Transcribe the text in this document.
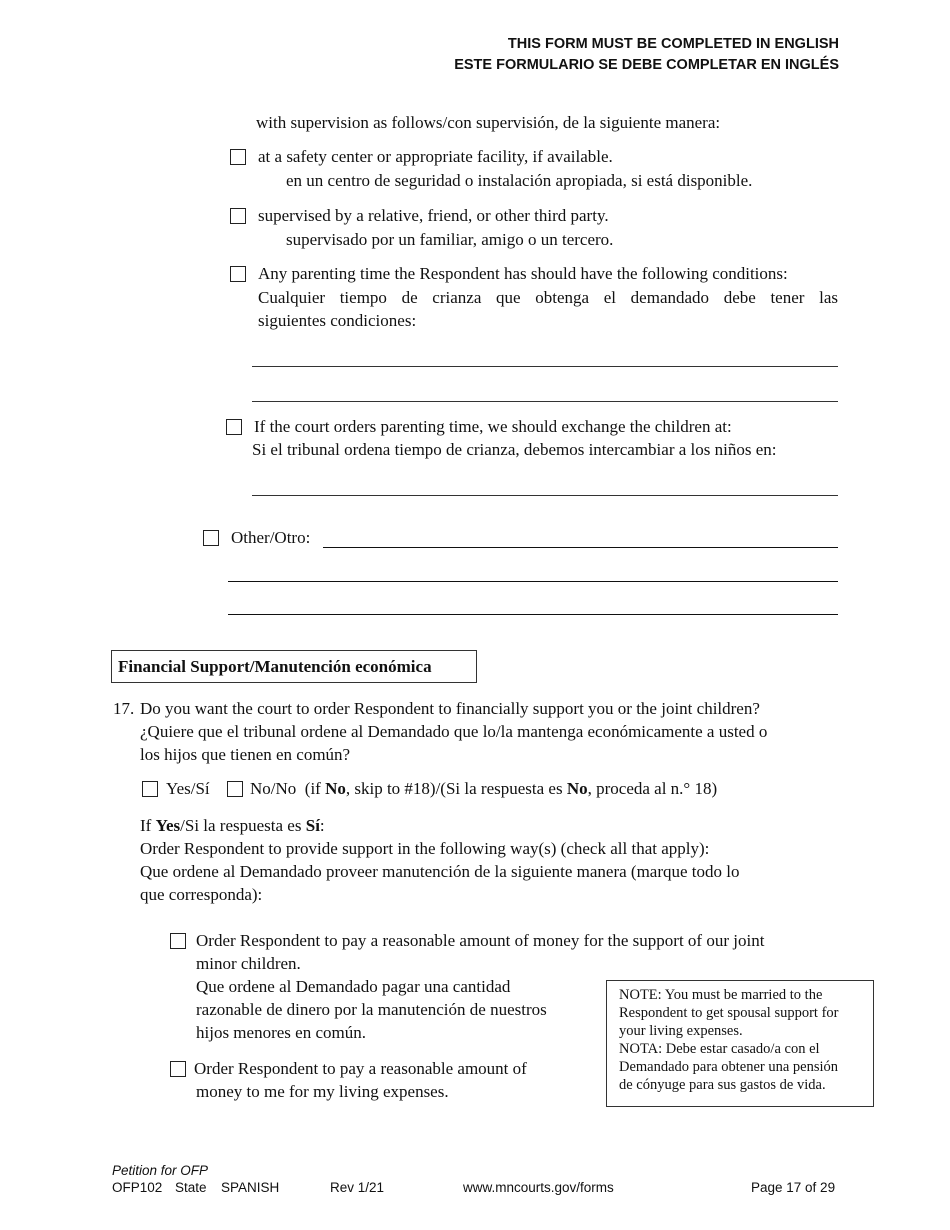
THIS FORM MUST BE COMPLETED IN ENGLISH
ESTE FORMULARIO SE DEBE COMPLETAR EN INGLÉS
with supervision as follows/con supervisión, de la siguiente manera:
at a safety center or appropriate facility, if available.
en un centro de seguridad o instalación apropiada, si está disponible.
supervised by a relative, friend, or other third party.
supervisado por un familiar, amigo o un tercero.
Any parenting time the Respondent has should have the following conditions:
Cualquier tiempo de crianza que obtenga el demandado debe tener las
siguientes condiciones:
If the court orders parenting time, we should exchange the children at:
Si el tribunal ordena tiempo de crianza, debemos intercambiar a los niños en:
Other/Otro:
Financial Support/Manutención económica
17. Do you want the court to order Respondent to financially support you or the joint children?
¿Quiere que el tribunal ordene al Demandado que lo/la mantenga económicamente a usted o
los hijos que tienen en común?
Yes/Sí No/No (if No, skip to #18)/(Si la respuesta es No, proceda al n.° 18)
If Yes/Si la respuesta es Sí:
Order Respondent to provide support in the following way(s) (check all that apply):
Que ordene al Demandado proveer manutención de la siguiente manera (marque todo lo
que corresponda):
Order Respondent to pay a reasonable amount of money for the support of our joint
minor children.
Que ordene al Demandado pagar una cantidad
razonable de dinero por la manutención de nuestros
hijos menores en común.
Order Respondent to pay a reasonable amount of
money to me for my living expenses.
NOTE: You must be married to the
Respondent to get spousal support for
your living expenses.
NOTA: Debe estar casado/a con el
Demandado para obtener una pensión
de cónyuge para sus gastos de vida.
Petition for OFP
OFP102 State SPANISH	Rev 1/21	www.mncourts.gov/forms	Page 17 of 29
